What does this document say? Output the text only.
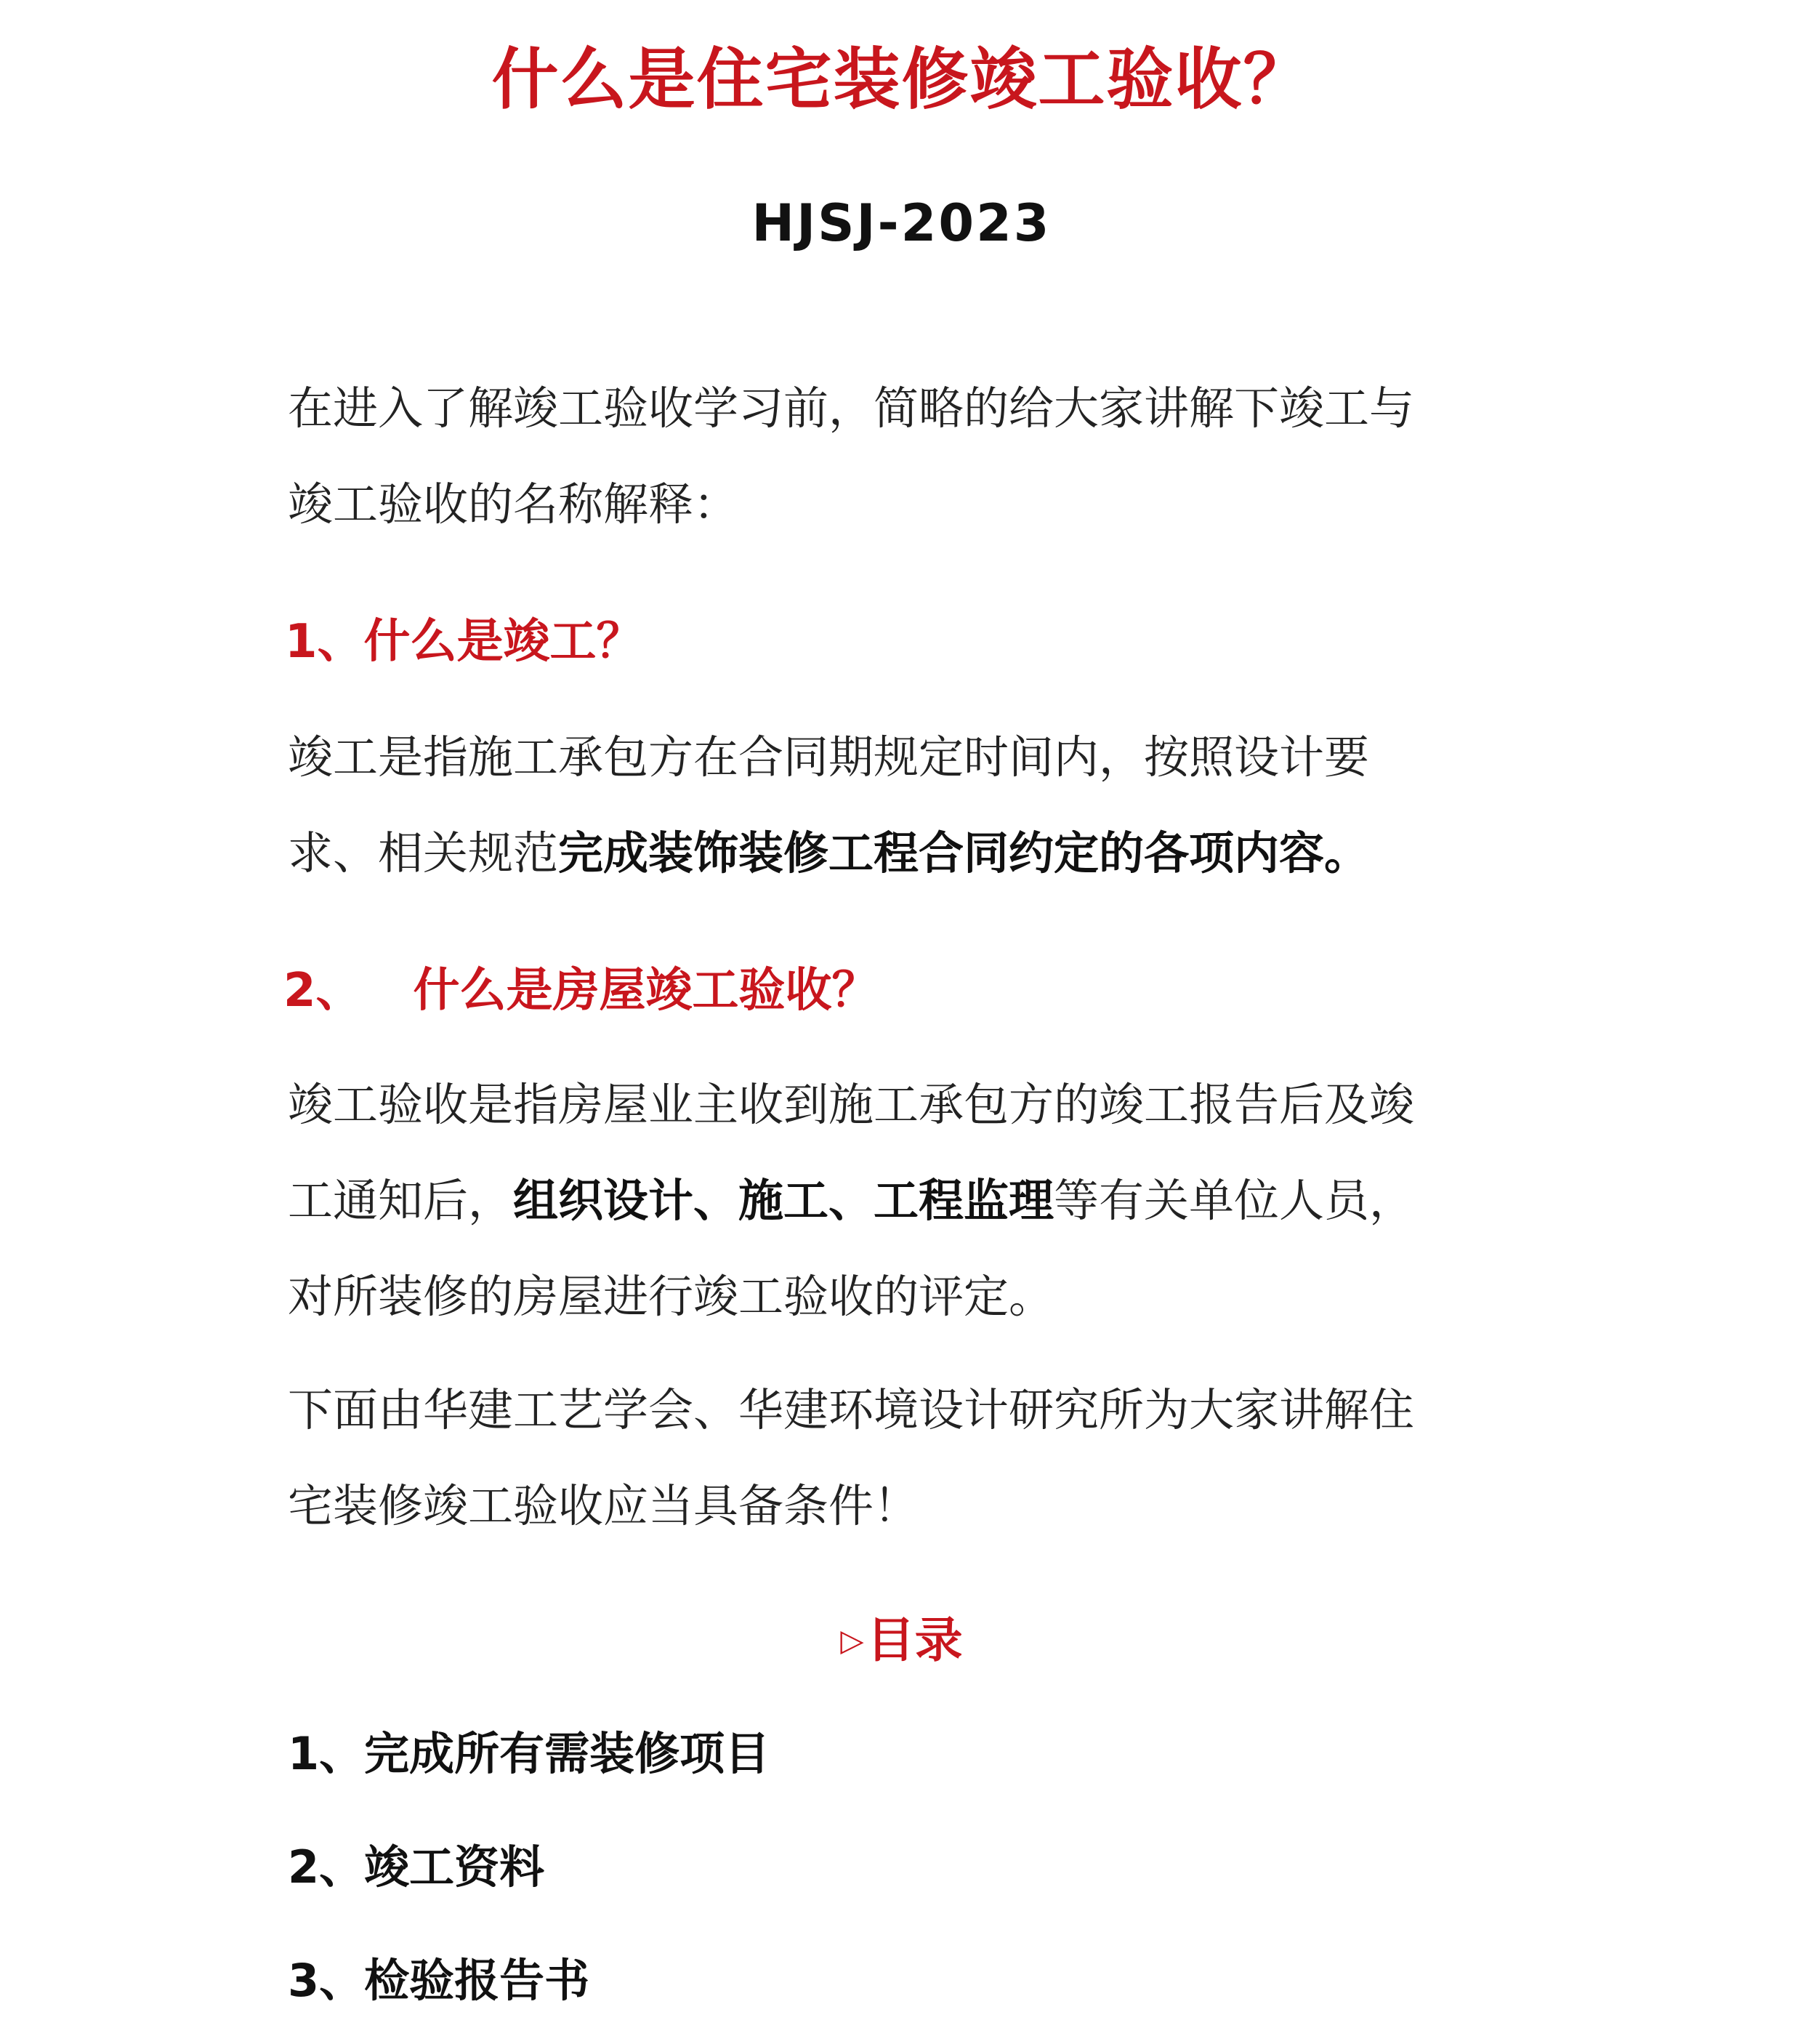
什么是住宅装修竣工验收？
HJSJ-2023

在进入了解竣工验收学习前，简略的给大家讲解下竣工与
竣工验收的名称解释：

1、什么是竣工？

竣工是指施工承包方在合同期规定时间内，按照设计要
求、相关规范完成装饰装修工程合同约定的各项内容。

2、 什么是房屋竣工验收？

竣工验收是指房屋业主收到施工承包方的竣工报告后及竣
工通知后，组织设计、施工、工程监理等有关单位人员，
对所装修的房屋进行竣工验收的评定。

下面由华建工艺学会、华建环境设计研究所为大家讲解住
宅装修竣工验收应当具备条件！

▷目录
1、完成所有需装修项目
2、竣工资料
3、检验报告书
